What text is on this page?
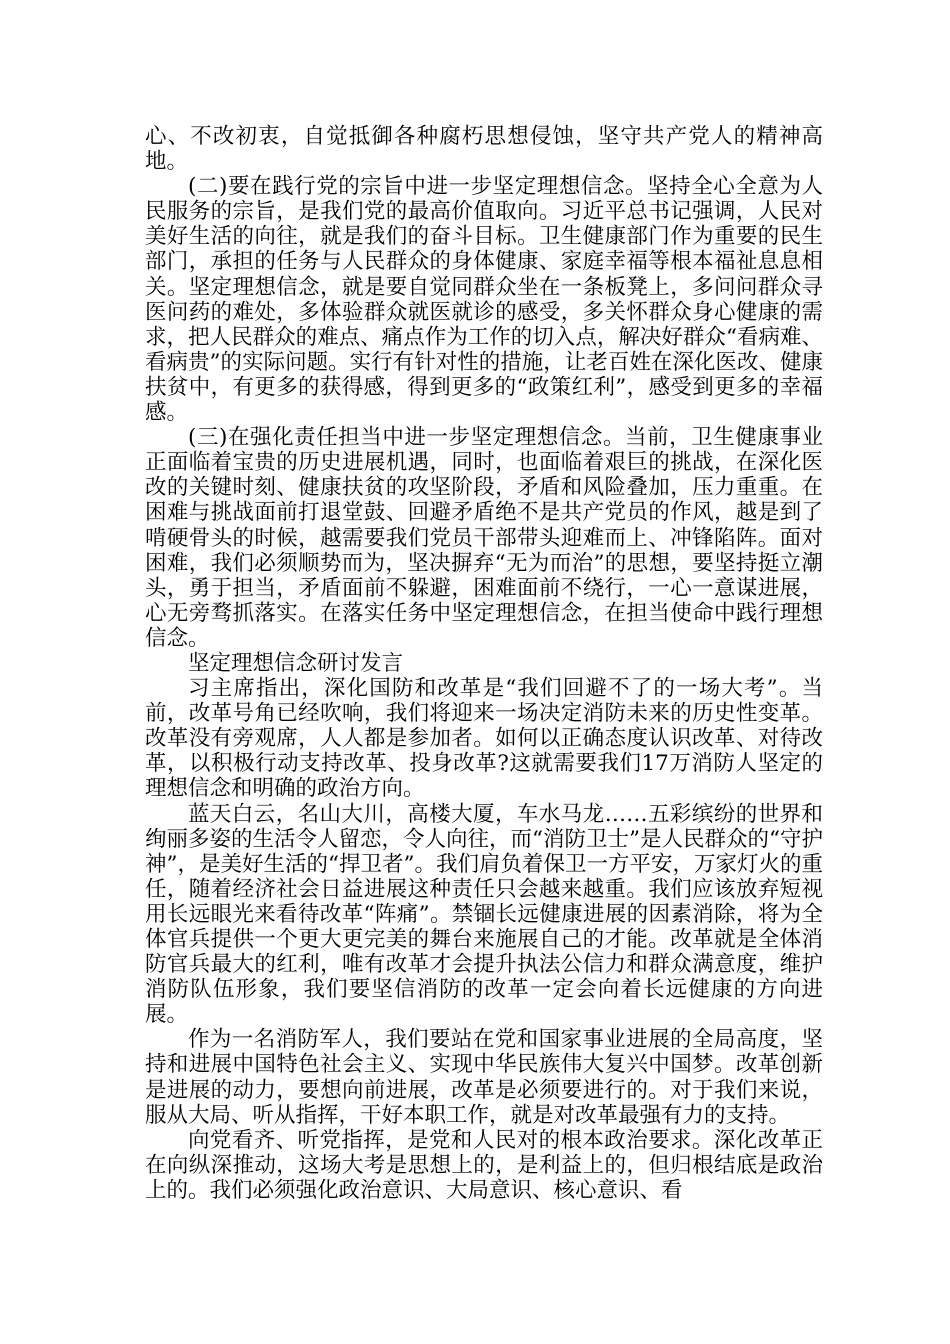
心、不改初衷，自觉抵御各种腐朽思想侵蚀，坚守共产党人的精神高地。

(二)要在践行党的宗旨中进一步坚定理想信念。坚持全心全意为人民服务的宗旨，是我们党的最高价值取向。习近平总书记强调，人民对美好生活的向往，就是我们的奋斗目标。卫生健康部门作为重要的民生部门，承担的任务与人民群众的身体健康、家庭幸福等根本福祉息息相关。坚定理想信念，就是要自觉同群众坐在一条板凳上，多问问群众寻医问药的难处，多体验群众就医就诊的感受，多关怀群众身心健康的需求，把人民群众的难点、痛点作为工作的切入点，解决好群众“看病难、看病贵”的实际问题。实行有针对性的措施，让老百姓在深化医改、健康扶贫中，有更多的获得感，得到更多的“政策红利”，感受到更多的幸福感。

(三)在强化责任担当中进一步坚定理想信念。当前，卫生健康事业正面临着宝贵的历史进展机遇，同时，也面临着艰巨的挑战，在深化医改的关键时刻、健康扶贫的攻坚阶段，矛盾和风险叠加，压力重重。在困难与挑战面前打退堂鼓、回避矛盾绝不是共产党员的作风，越是到了啃硬骨头的时候，越需要我们党员干部带头迎难而上、冲锋陷阵。面对困难，我们必须顺势而为，坚决摒弃“无为而治”的思想，要坚持挺立潮头，勇于担当，矛盾面前不躲避，困难面前不绕行，一心一意谋进展，心无旁骛抓落实。在落实任务中坚定理想信念，在担当使命中践行理想信念。

坚定理想信念研讨发言

习主席指出，深化国防和改革是“我们回避不了的一场大考”。当前，改革号角已经吹响，我们将迎来一场决定消防未来的历史性变革。改革没有旁观席，人人都是参加者。如何以正确态度认识改革、对待改革，以积极行动支持改革、投身改革?这就需要我们17万消防人坚定的理想信念和明确的政治方向。

蓝天白云，名山大川，高楼大厦，车水马龙……五彩缤纷的世界和绚丽多姿的生活令人留恋，令人向往，而“消防卫士”是人民群众的“守护神”，是美好生活的“捍卫者”。我们肩负着保卫一方平安，万家灯火的重任，随着经济社会日益进展这种责任只会越来越重。我们应该放弃短视用长远眼光来看待改革“阵痛”。禁锢长远健康进展的因素消除，将为全体官兵提供一个更大更完美的舞台来施展自己的才能。改革就是全体消防官兵最大的红利，唯有改革才会提升执法公信力和群众满意度，维护消防队伍形象，我们要坚信消防的改革一定会向着长远健康的方向进展。

作为一名消防军人，我们要站在党和国家事业进展的全局高度，坚持和进展中国特色社会主义、实现中华民族伟大复兴中国梦。改革创新是进展的动力，要想向前进展，改革是必须要进行的。对于我们来说，服从大局、听从指挥，干好本职工作，就是对改革最强有力的支持。

向党看齐、听党指挥，是党和人民对的根本政治要求。深化改革正在向纵深推动，这场大考是思想上的，是利益上的，但归根结底是政治上的。我们必须强化政治意识、大局意识、核心意识、看
